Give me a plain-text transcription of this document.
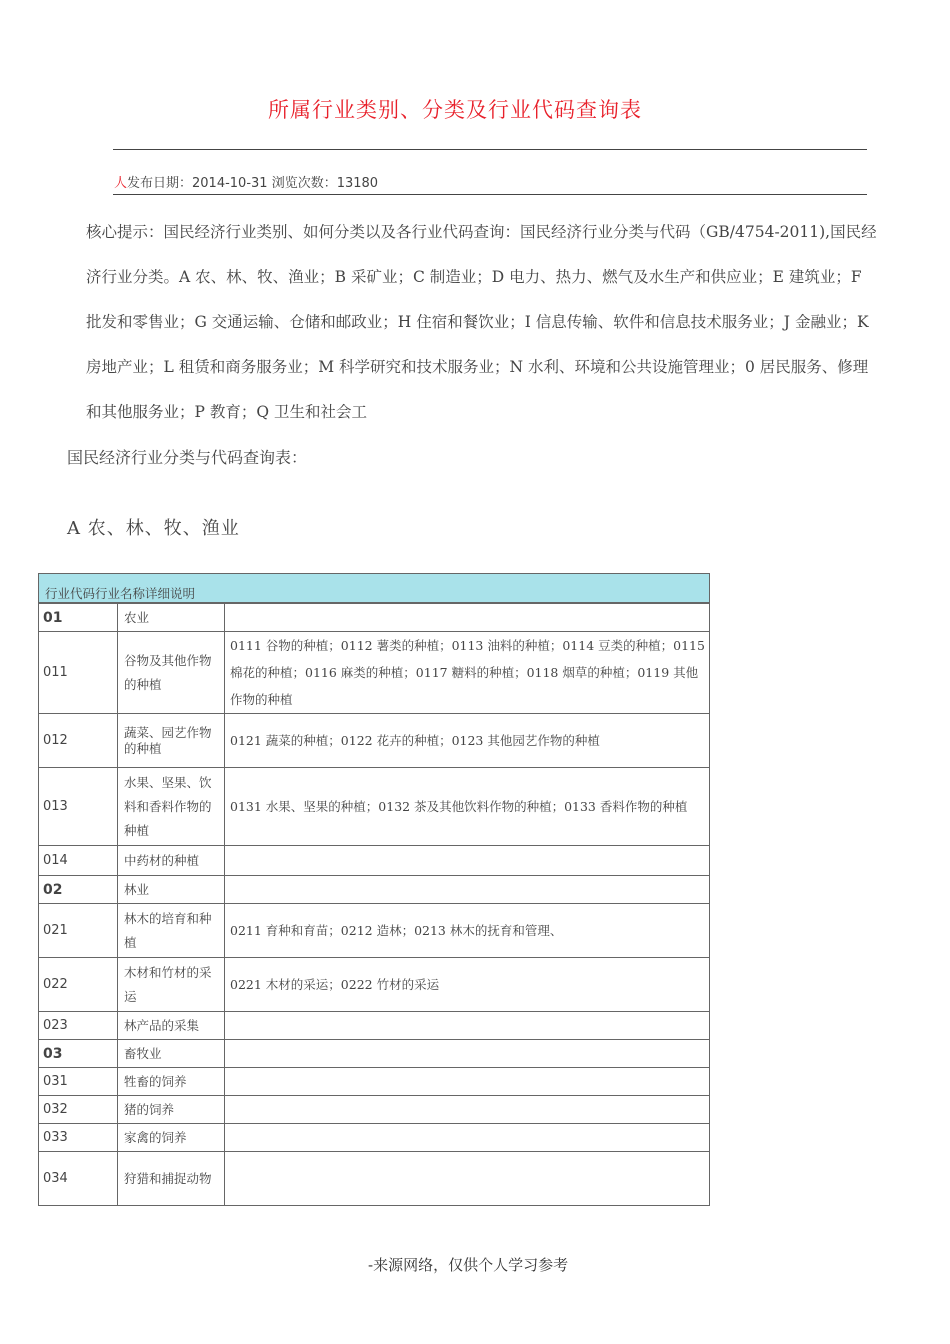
所属行业类别、分类及行业代码查询表
人发布日期：2014-10-31 浏览次数：13180
核心提示：国民经济行业类别、如何分类以及各行业代码查询：国民经济行业分类与代码（GB/4754-2011),国民经济行业分类。A 农、林、牧、渔业；B 采矿业；C 制造业；D 电力、热力、燃气及水生产和供应业；E 建筑业；F 批发和零售业；G 交通运输、仓储和邮政业；H 住宿和餐饮业；I 信息传输、软件和信息技术服务业；J 金融业；K 房地产业；L 租赁和商务服务业；M 科学研究和技术服务业；N 水利、环境和公共设施管理业；0 居民服务、修理和其他服务业；P 教育；Q 卫生和社会工
国民经济行业分类与代码查询表：
A 农、林、牧、渔业
行业代码行业名称详细说明
01	农业	
011	谷物及其他作物的种植	0111 谷物的种植；0112 薯类的种植；0113 油料的种植；0114 豆类的种植；0115 棉花的种植；0116 麻类的种植；0117 糖料的种植；0118 烟草的种植；0119 其他作物的种植
012	蔬菜、园艺作物的种植	0121 蔬菜的种植；0122 花卉的种植；0123 其他园艺作物的种植
013	水果、坚果、饮料和香料作物的种植	0131 水果、坚果的种植；0132 茶及其他饮料作物的种植；0133 香料作物的种植
014	中药材的种植	
02	林业	
021	林木的培育和种植	0211 育种和育苗；0212 造林；0213 林木的抚育和管理、
022	木材和竹材的采运	0221 木材的采运；0222 竹材的采运
023	林产品的采集	
03	畜牧业	
031	牲畜的饲养	
032	猪的饲养	
033	家禽的饲养	
034	狩猎和捕捉动物	
-来源网络，仅供个人学习参考
